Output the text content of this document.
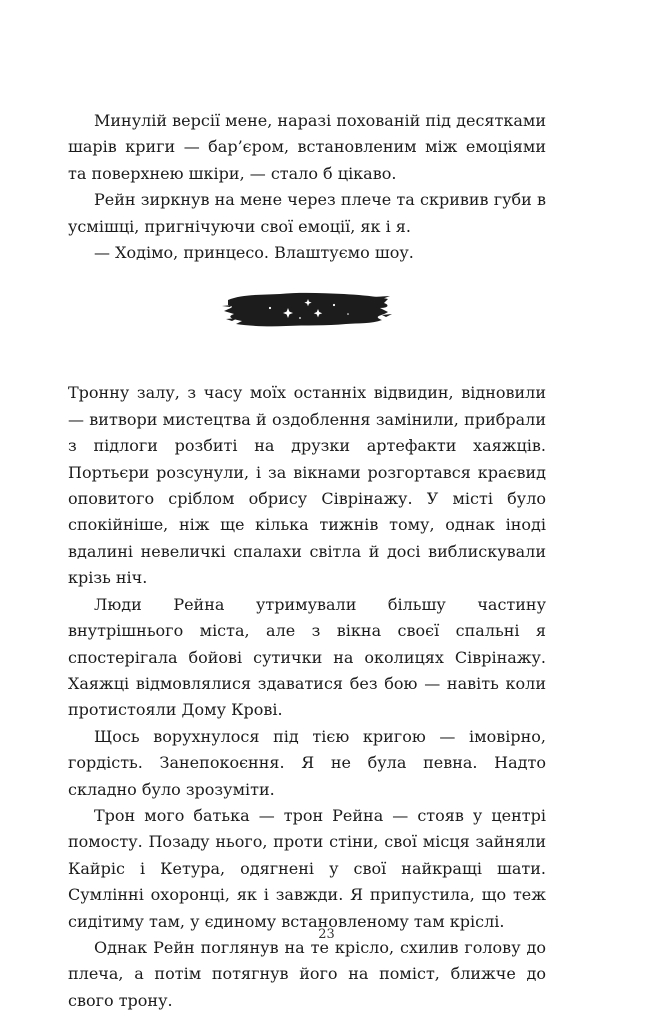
Минулій версії мене, наразі похованій під десятками шарів криги — бар’єром, встановленим між емоціями та поверхнею шкіри, — стало б цікаво.

Рейн зиркнув на мене через плече та скривив губи в усмішці, пригнічуючи свої емоції, як і я.

— Ходімо, принцесо. Влаштуємо шоу.

Тронну залу, з часу моїх останніх відвидин, відновили — витвори мистецтва й оздоблення замінили, прибрали з підлоги розбиті на друзки артефакти хаяжців. Портьєри розсунули, і за вікнами розгортався краєвид оповитого сріблом обрису Сіврінажу. У місті було спокійніше, ніж ще кілька тижнів тому, однак іноді вдалині невеличкі спалахи світла й досі виблискували крізь ніч.

Люди Рейна утримували більшу частину внутрішнього міста, але з вікна своєї спальні я спостерігала бойові сутички на околицях Сіврінажу. Хаяжці відмовлялися здаватися без бою — навіть коли протистояли Дому Крові.

Щось ворухнулося під тією кригою — імовірно, гордість. Занепокоєння. Я не була певна. Надто складно було зрозуміти.

Трон мого батька — трон Рейна — стояв у центрі помосту. Позаду нього, проти стіни, свої місця зайняли Кайріс і Кетура, одягнені у свої найкращі шати. Сумлінні охоронці, як і завжди. Я припустила, що теж сидітиму там, у єдиному встановленому там кріслі.

Однак Рейн поглянув на те крісло, схилив голову до плеча, а потім потягнув його на поміст, ближче до свого трону.

23
